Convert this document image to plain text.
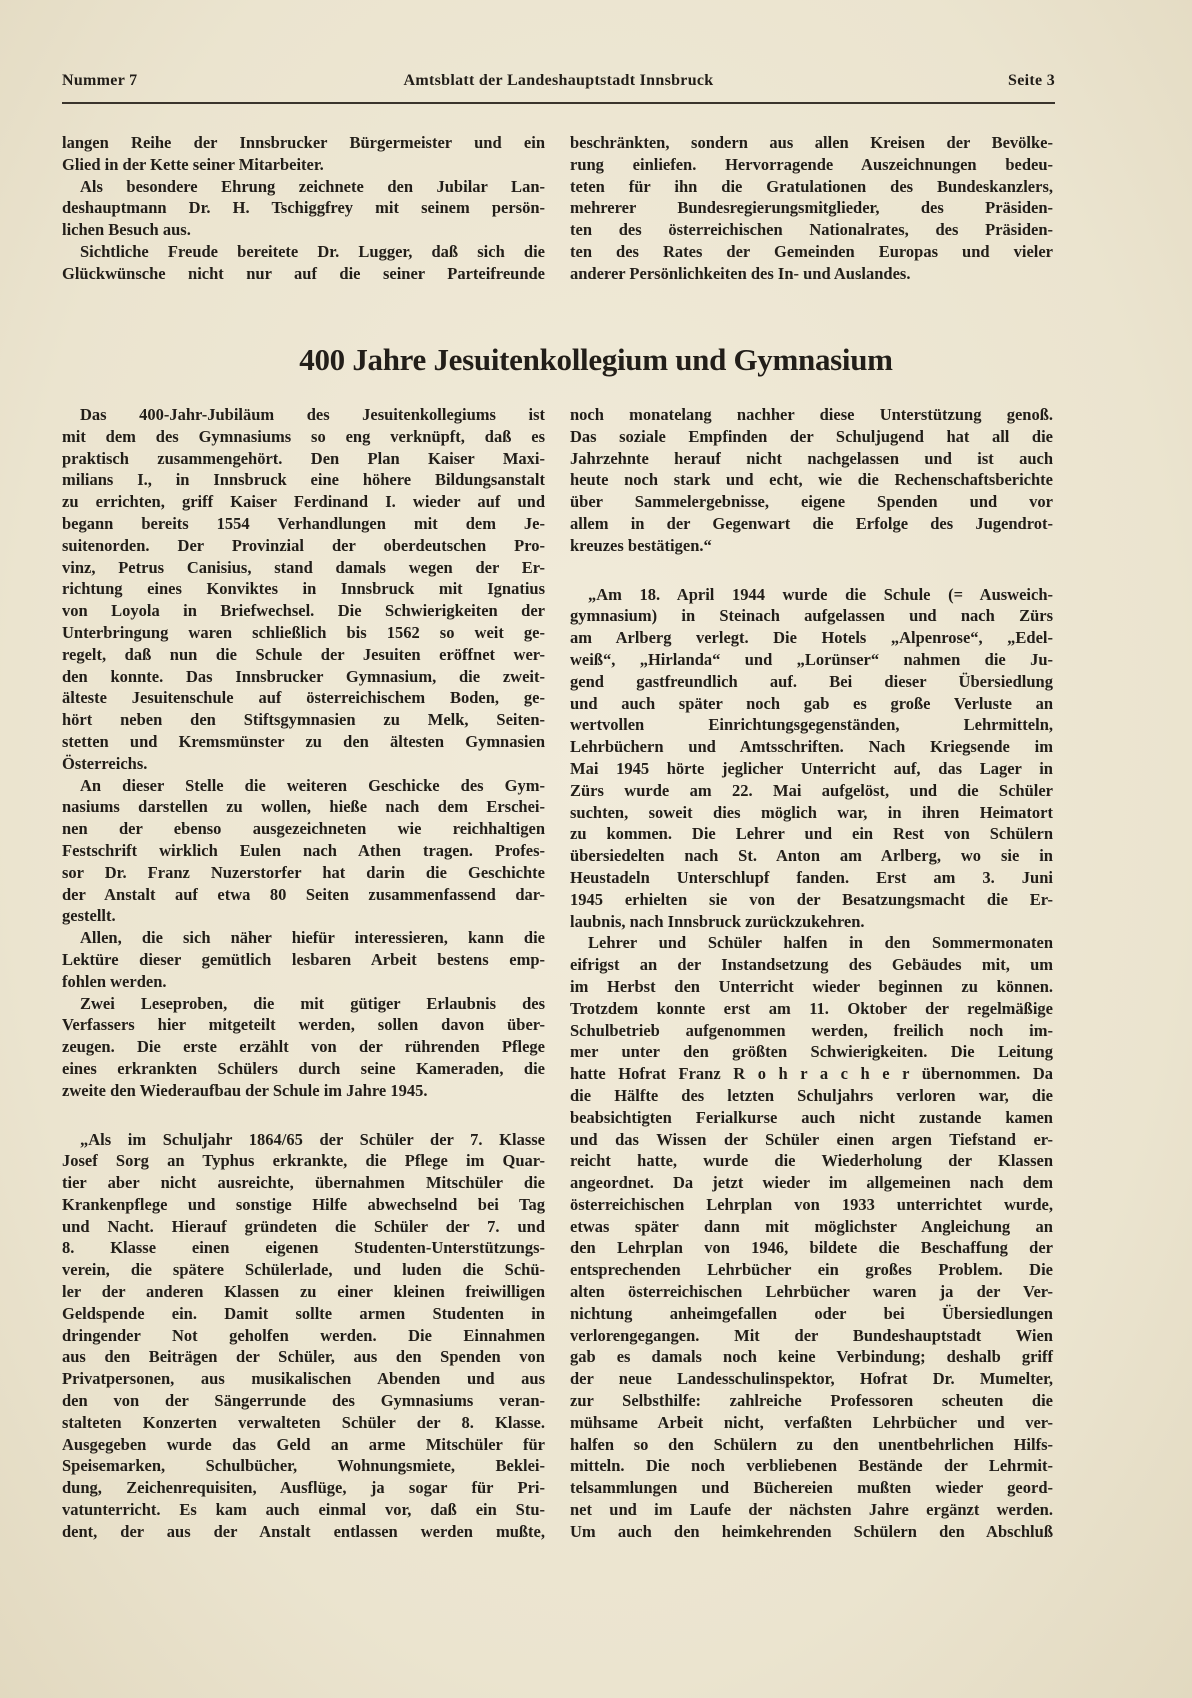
Nummer 7	Amtsblatt der Landeshauptstadt Innsbruck	Seite 3
langen Reihe der Innsbrucker Bürgermeister und ein
Glied in der Kette seiner Mitarbeiter.
Als besondere Ehrung zeichnete den Jubilar Lan-
deshauptmann Dr. H. Tschiggfrey mit seinem persön-
lichen Besuch aus.
Sichtliche Freude bereitete Dr. Lugger, daß sich die
Glückwünsche nicht nur auf die seiner Parteifreunde
beschränkten, sondern aus allen Kreisen der Bevölke-
rung einliefen. Hervorragende Auszeichnungen bedeu-
teten für ihn die Gratulationen des Bundeskanzlers,
mehrerer Bundesregierungsmitglieder, des Präsiden-
ten des österreichischen Nationalrates, des Präsiden-
ten des Rates der Gemeinden Europas und vieler
anderer Persönlichkeiten des In- und Auslandes.
400 Jahre Jesuitenkollegium und Gymnasium
Das 400-Jahr-Jubiläum des Jesuitenkollegiums ist
mit dem des Gymnasiums so eng verknüpft, daß es
praktisch zusammengehört. Den Plan Kaiser Maxi-
milians I., in Innsbruck eine höhere Bildungsanstalt
zu errichten, griff Kaiser Ferdinand I. wieder auf und
begann bereits 1554 Verhandlungen mit dem Je-
suitenorden. Der Provinzial der oberdeutschen Pro-
vinz, Petrus Canisius, stand damals wegen der Er-
richtung eines Konviktes in Innsbruck mit Ignatius
von Loyola in Briefwechsel. Die Schwierigkeiten der
Unterbringung waren schließlich bis 1562 so weit ge-
regelt, daß nun die Schule der Jesuiten eröffnet wer-
den konnte. Das Innsbrucker Gymnasium, die zweit-
älteste Jesuitenschule auf österreichischem Boden, ge-
hört neben den Stiftsgymnasien zu Melk, Seiten-
stetten und Kremsmünster zu den ältesten Gymnasien
Österreichs.
An dieser Stelle die weiteren Geschicke des Gym-
nasiums darstellen zu wollen, hieße nach dem Erschei-
nen der ebenso ausgezeichneten wie reichhaltigen
Festschrift wirklich Eulen nach Athen tragen. Profes-
sor Dr. Franz Nuzerstorfer hat darin die Geschichte
der Anstalt auf etwa 80 Seiten zusammenfassend dar-
gestellt.
Allen, die sich näher hiefür interessieren, kann die
Lektüre dieser gemütlich lesbaren Arbeit bestens emp-
fohlen werden.
Zwei Leseproben, die mit gütiger Erlaubnis des
Verfassers hier mitgeteilt werden, sollen davon über-
zeugen. Die erste erzählt von der rührenden Pflege
eines erkrankten Schülers durch seine Kameraden, die
zweite den Wiederaufbau der Schule im Jahre 1945.
„Als im Schuljahr 1864/65 der Schüler der 7. Klasse
Josef Sorg an Typhus erkrankte, die Pflege im Quar-
tier aber nicht ausreichte, übernahmen Mitschüler die
Krankenpflege und sonstige Hilfe abwechselnd bei Tag
und Nacht. Hierauf gründeten die Schüler der 7. und
8. Klasse einen eigenen Studenten-Unterstützungs-
verein, die spätere Schülerlade, und luden die Schü-
ler der anderen Klassen zu einer kleinen freiwilligen
Geldspende ein. Damit sollte armen Studenten in
dringender Not geholfen werden. Die Einnahmen
aus den Beiträgen der Schüler, aus den Spenden von
Privatpersonen, aus musikalischen Abenden und aus
den von der Sängerrunde des Gymnasiums veran-
stalteten Konzerten verwalteten Schüler der 8. Klasse.
Ausgegeben wurde das Geld an arme Mitschüler für
Speisemarken, Schulbücher, Wohnungsmiete, Beklei-
dung, Zeichenrequisiten, Ausflüge, ja sogar für Pri-
vatunterricht. Es kam auch einmal vor, daß ein Stu-
dent, der aus der Anstalt entlassen werden mußte,
noch monatelang nachher diese Unterstützung genoß.
Das soziale Empfinden der Schuljugend hat all die
Jahrzehnte herauf nicht nachgelassen und ist auch
heute noch stark und echt, wie die Rechenschaftsberichte
über Sammelergebnisse, eigene Spenden und vor
allem in der Gegenwart die Erfolge des Jugendrot-
kreuzes bestätigen.“
„Am 18. April 1944 wurde die Schule (= Ausweich-
gymnasium) in Steinach aufgelassen und nach Zürs
am Arlberg verlegt. Die Hotels „Alpenrose“, „Edel-
weiß“, „Hirlanda“ und „Lorünser“ nahmen die Ju-
gend gastfreundlich auf. Bei dieser Übersiedlung
und auch später noch gab es große Verluste an
wertvollen Einrichtungsgegenständen, Lehrmitteln,
Lehrbüchern und Amtsschriften. Nach Kriegsende im
Mai 1945 hörte jeglicher Unterricht auf, das Lager in
Zürs wurde am 22. Mai aufgelöst, und die Schüler
suchten, soweit dies möglich war, in ihren Heimatort
zu kommen. Die Lehrer und ein Rest von Schülern
übersiedelten nach St. Anton am Arlberg, wo sie in
Heustadeln Unterschlupf fanden. Erst am 3. Juni
1945 erhielten sie von der Besatzungsmacht die Er-
laubnis, nach Innsbruck zurückzukehren.
Lehrer und Schüler halfen in den Sommermonaten
eifrigst an der Instandsetzung des Gebäudes mit, um
im Herbst den Unterricht wieder beginnen zu können.
Trotzdem konnte erst am 11. Oktober der regelmäßige
Schulbetrieb aufgenommen werden, freilich noch im-
mer unter den größten Schwierigkeiten. Die Leitung
hatte Hofrat Franz R o h r a c h e r übernommen. Da
die Hälfte des letzten Schuljahrs verloren war, die
beabsichtigten Ferialkurse auch nicht zustande kamen
und das Wissen der Schüler einen argen Tiefstand er-
reicht hatte, wurde die Wiederholung der Klassen
angeordnet. Da jetzt wieder im allgemeinen nach dem
österreichischen Lehrplan von 1933 unterrichtet wurde,
etwas später dann mit möglichster Angleichung an
den Lehrplan von 1946, bildete die Beschaffung der
entsprechenden Lehrbücher ein großes Problem. Die
alten österreichischen Lehrbücher waren ja der Ver-
nichtung anheimgefallen oder bei Übersiedlungen
verlorengegangen. Mit der Bundeshauptstadt Wien
gab es damals noch keine Verbindung; deshalb griff
der neue Landesschulinspektor, Hofrat Dr. Mumelter,
zur Selbsthilfe: zahlreiche Professoren scheuten die
mühsame Arbeit nicht, verfaßten Lehrbücher und ver-
halfen so den Schülern zu den unentbehrlichen Hilfs-
mitteln. Die noch verbliebenen Bestände der Lehrmit-
telsammlungen und Büchereien mußten wieder geord-
net und im Laufe der nächsten Jahre ergänzt werden.
Um auch den heimkehrenden Schülern den Abschluß
